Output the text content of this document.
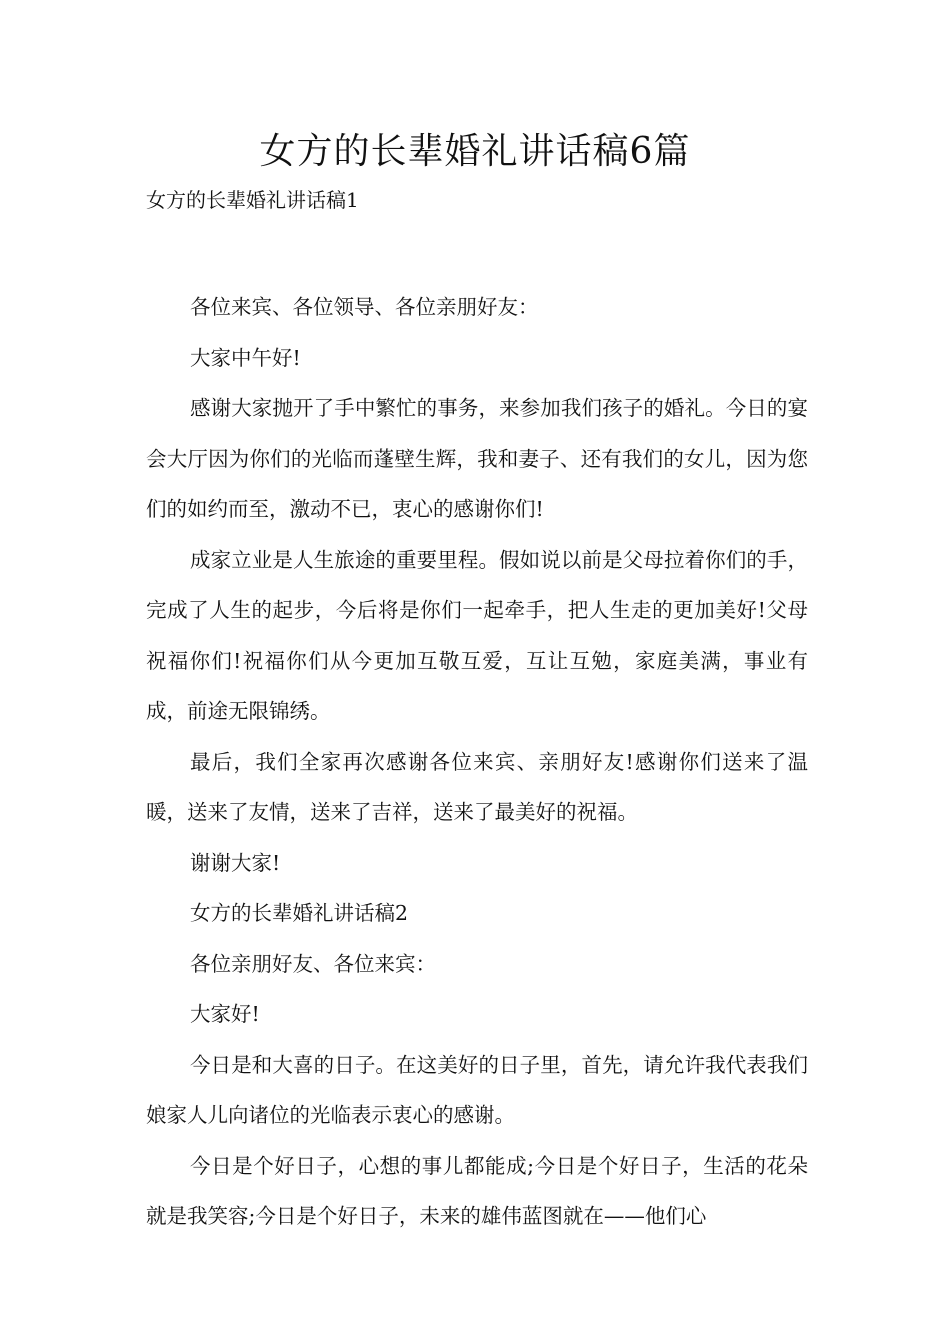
女方的长辈婚礼讲话稿6篇
女方的长辈婚礼讲话稿1

各位来宾、各位领导、各位亲朋好友：

大家中午好!

感谢大家抛开了手中繁忙的事务，来参加我们孩子的婚礼。今日的宴会大厅因为你们的光临而蓬壁生辉，我和妻子、还有我们的女儿，因为您们的如约而至，激动不已，衷心的感谢你们!

成家立业是人生旅途的重要里程。假如说以前是父母拉着你们的手，完成了人生的起步，今后将是你们一起牵手，把人生走的更加美好!父母祝福你们!祝福你们从今更加互敬互爱，互让互勉，家庭美满，事业有成，前途无限锦绣。

最后，我们全家再次感谢各位来宾、亲朋好友!感谢你们送来了温暖，送来了友情，送来了吉祥，送来了最美好的祝福。

谢谢大家!

女方的长辈婚礼讲话稿2

各位亲朋好友、各位来宾：

大家好!

今日是和大喜的日子。在这美好的日子里，首先，请允许我代表我们娘家人儿向诸位的光临表示衷心的感谢。

今日是个好日子，心想的事儿都能成;今日是个好日子，生活的花朵就是我笑容;今日是个好日子，未来的雄伟蓝图就在——他们心
